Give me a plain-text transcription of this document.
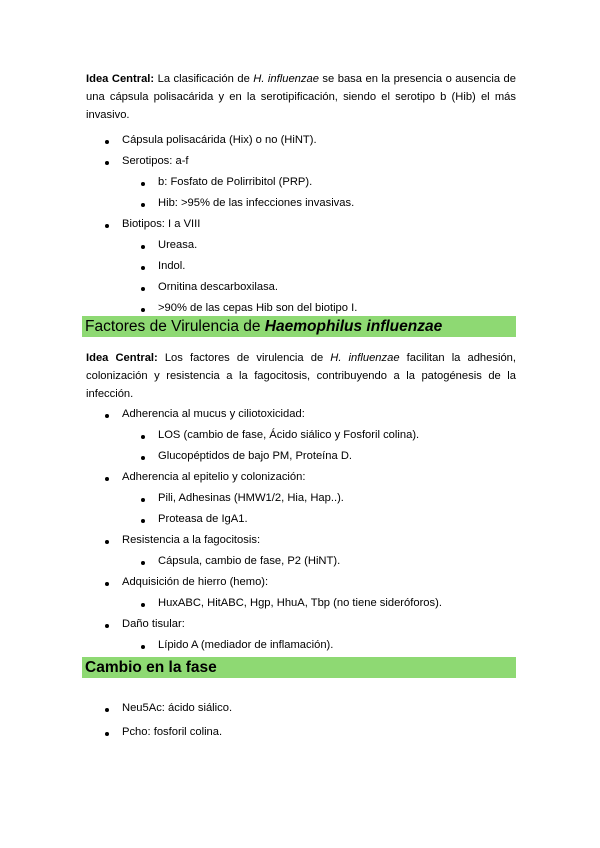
Idea Central: La clasificación de H. influenzae se basa en la presencia o ausencia de una cápsula polisacárida y en la serotipificación, siendo el serotipo b (Hib) el más invasivo.

Cápsula polisacárida (Hix) o no (HiNT).
Serotipos: a-f
b: Fosfato de Polirribitol (PRP).
Hib: >95% de las infecciones invasivas.
Biotipos: I a VIII
Ureasa.
Indol.
Ornitina descarboxilasa.
>90% de las cepas Hib son del biotipo I.
Factores de Virulencia de Haemophilus influenzae

Idea Central: Los factores de virulencia de H. influenzae facilitan la adhesión, colonización y resistencia a la fagocitosis, contribuyendo a la patogénesis de la infección.

Adherencia al mucus y ciliotoxicidad:
LOS (cambio de fase, Ácido siálico y Fosforil colina).
Glucopéptidos de bajo PM, Proteína D.
Adherencia al epitelio y colonización:
Pili, Adhesinas (HMW1/2, Hia, Hap..).
Proteasa de IgA1.
Resistencia a la fagocitosis:
Cápsula, cambio de fase, P2 (HiNT).
Adquisición de hierro (hemo):
HuxABC, HitABC, Hgp, HhuA, Tbp (no tiene sideróforos).
Daño tisular:
Lípido A (mediador de inflamación).
Cambio en la fase
Neu5Ac: ácido siálico.
Pcho: fosforil colina.
